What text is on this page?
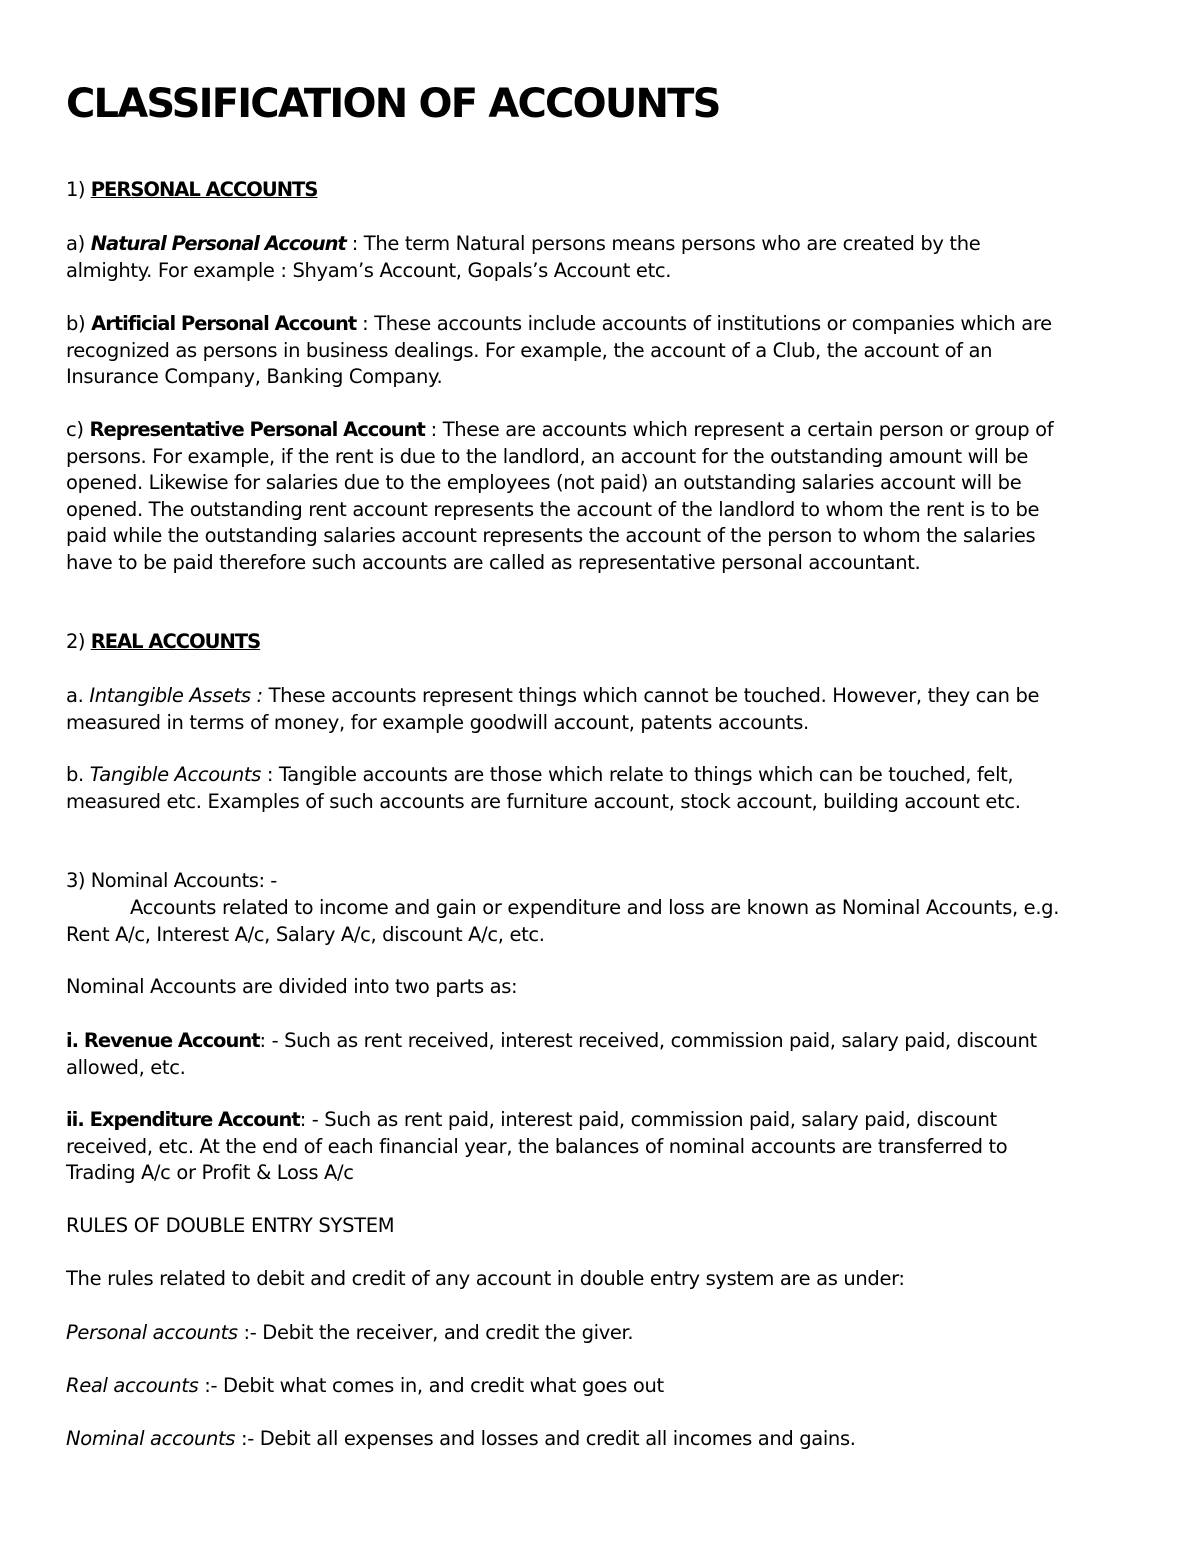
CLASSIFICATION OF ACCOUNTS

1) PERSONAL ACCOUNTS

a) Natural Personal Account : The term Natural persons means persons who are created by the almighty. For example : Shyam’s Account, Gopals’s Account etc.

b) Artificial Personal Account : These accounts include accounts of institutions or companies which are recognized as persons in business dealings. For example, the account of a Club, the account of an Insurance Company, Banking Company.

c) Representative Personal Account : These are accounts which represent a certain person or group of persons. For example, if the rent is due to the landlord, an account for the outstanding amount will be opened. Likewise for salaries due to the employees (not paid) an outstanding salaries account will be opened. The outstanding rent account represents the account of the landlord to whom the rent is to be paid while the outstanding salaries account represents the account of the person to whom the salaries have to be paid therefore such accounts are called as representative personal accountant.

2) REAL ACCOUNTS

a. Intangible Assets : These accounts represent things which cannot be touched. However, they can be measured in terms of money, for example goodwill account, patents accounts.

b. Tangible Accounts : Tangible accounts are those which relate to things which can be touched, felt, measured etc. Examples of such accounts are furniture account, stock account, building account etc.

3) Nominal Accounts: -

Accounts related to income and gain or expenditure and loss are known as Nominal Accounts, e.g. Rent A/c, Interest A/c, Salary A/c, discount A/c, etc.

Nominal Accounts are divided into two parts as:

i. Revenue Account: - Such as rent received, interest received, commission paid, salary paid, discount allowed, etc.

ii. Expenditure Account: - Such as rent paid, interest paid, commission paid, salary paid, discount received, etc. At the end of each financial year, the balances of nominal accounts are transferred to Trading A/c or Profit & Loss A/c

RULES OF DOUBLE ENTRY SYSTEM

The rules related to debit and credit of any account in double entry system are as under:

Personal accounts :- Debit the receiver, and credit the giver.

Real accounts :- Debit what comes in, and credit what goes out

Nominal accounts :- Debit all expenses and losses and credit all incomes and gains.
